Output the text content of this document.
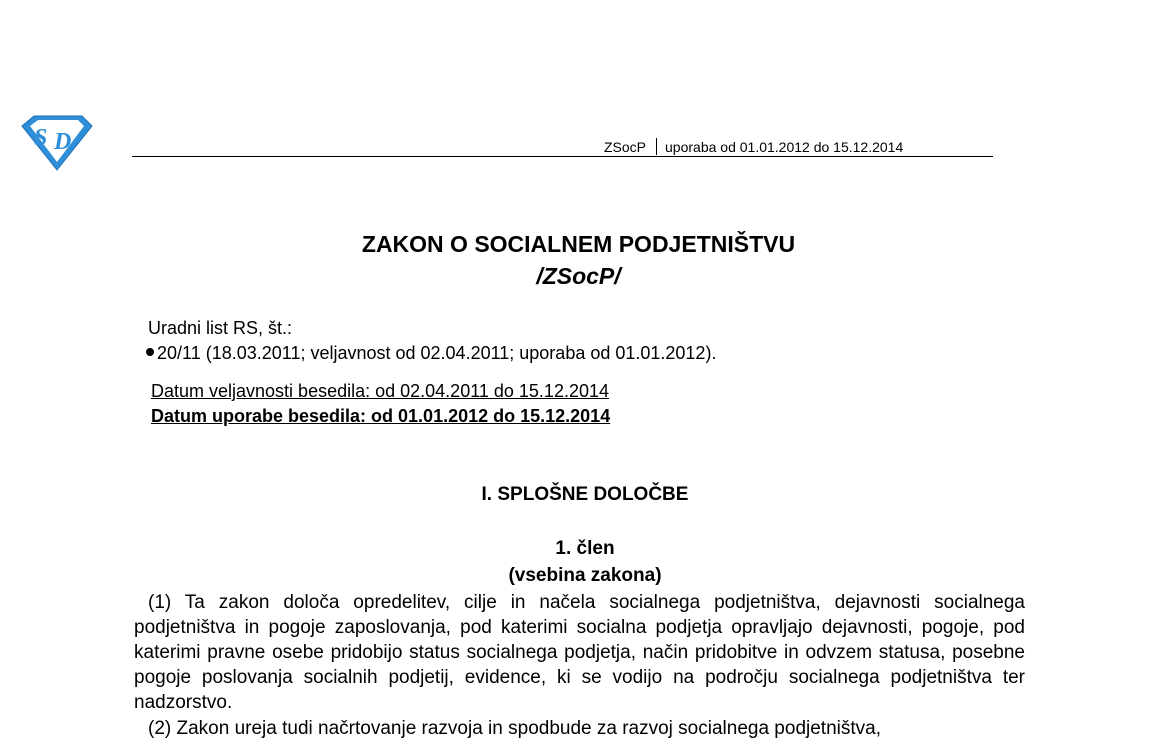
S D	ZSocP uporaba od 01.01.2012 do 15.12.2014
ZAKON O SOCIALNEM PODJETNIŠTVU
/ZSocP/
Uradni list RS, št.:
20/11 (18.03.2011; veljavnost od 02.04.2011; uporaba od 01.01.2012).
Datum veljavnosti besedila: od 02.04.2011 do 15.12.2014
Datum uporabe besedila: od 01.01.2012 do 15.12.2014
I. SPLOŠNE DOLOČBE
1. člen
(vsebina zakona)
(1) Ta zakon določa opredelitev, cilje in načela socialnega podjetništva, dejavnosti socialnega podjetništva in pogoje zaposlovanja, pod katerimi socialna podjetja opravljajo dejavnosti, pogoje, pod katerimi pravne osebe pridobijo status socialnega podjetja, način pridobitve in odvzem statusa, posebne pogoje poslovanja socialnih podjetij, evidence, ki se vodijo na področju socialnega podjetništva ter nadzorstvo.
(2) Zakon ureja tudi načrtovanje razvoja in spodbude za razvoj socialnega podjetništva,
